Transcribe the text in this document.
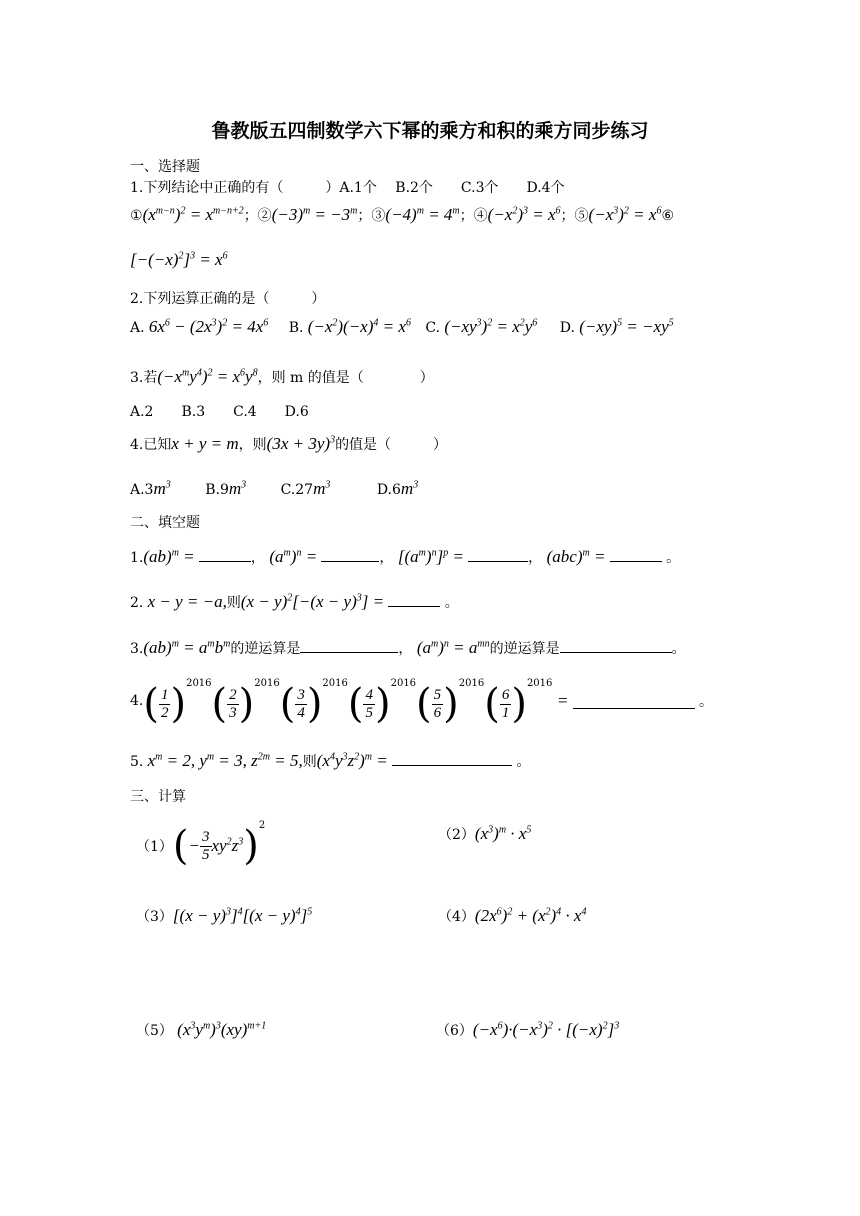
鲁教版五四制数学六下幂的乘方和积的乘方同步练习
一、选择题
1.下列结论中正确的有（　　　）A.1个　 B.2个　　C.3个　　D.4个
$①(x^{m-n})^2 = x^{m-n+2}$；$②(-3)^m = -3^m$；$③(-4)^m = 4^m$；$④(-x^2)^3 = x^6$；$⑤(-x^3)^2$ = $x^6⑥$
$[-(-x)^2]^3 = x^6$
2.下列运算正确的是（　　　）
A. $6x^6 - (2x^3)^2 = 4x^6$ B. $(-x^2)(-x)^4 = x^6$ C. $(-xy^3)^2 = x^2y^6$ D. $(-xy)^5 = -xy^5$
3.若$(-x^my^4)^2 = x^6y^8$，则 m 的值是（　　　　）
A.2　　B.3　　C.4　　D.6
4.已知x + y = m，则$(3x + 3y)^3$的值是（　　　）
$A.3m^3$ $B.9m^3$ $C.27m^3$	$D.6m^3$
二、填空题
1.(ab)$^m$ =	， $(a^m)^n$ =	， $[(a^m)^n]^p$ =	， (abc)$^m$ =	。
2. x − y = −a,则$(x - y)^2[-(x - y)^3]$ =	。
$3.(ab)^m = a^mb^m$的逆运算是	， $(a^m)^n = a^{mn}$的逆运算是	。
$4.( \frac{1}{2} )^{2016}( \frac{2}{3} )^{2016}( \frac{3}{4} )^{2016}( \frac{4}{5} )^{2016}( \frac{5}{6} )^{2016}( \frac{6}{1} )^{2016}$ =	。
5. $x^m = 2$, $y^m = 3$, $z^{2m} = 5$,则$(x^4y^3z^2)^m$ =	。
三、计算
$(1)(- \frac{3}{5} xy^2z^3)^2$
$(2)(x^3)^m \cdot x^5$
$(3)[(x - y)^3]^4[(x - y)^4]^5$	$(4)(2x^6)^2 + (x^2)^4 \cdot x^4$
（5） $(x^3y^m)^3(xy)^{m+1}$	$(6)(-x^6)\cdot(-x^3)^2 \cdot [(-x)^2]^3$
